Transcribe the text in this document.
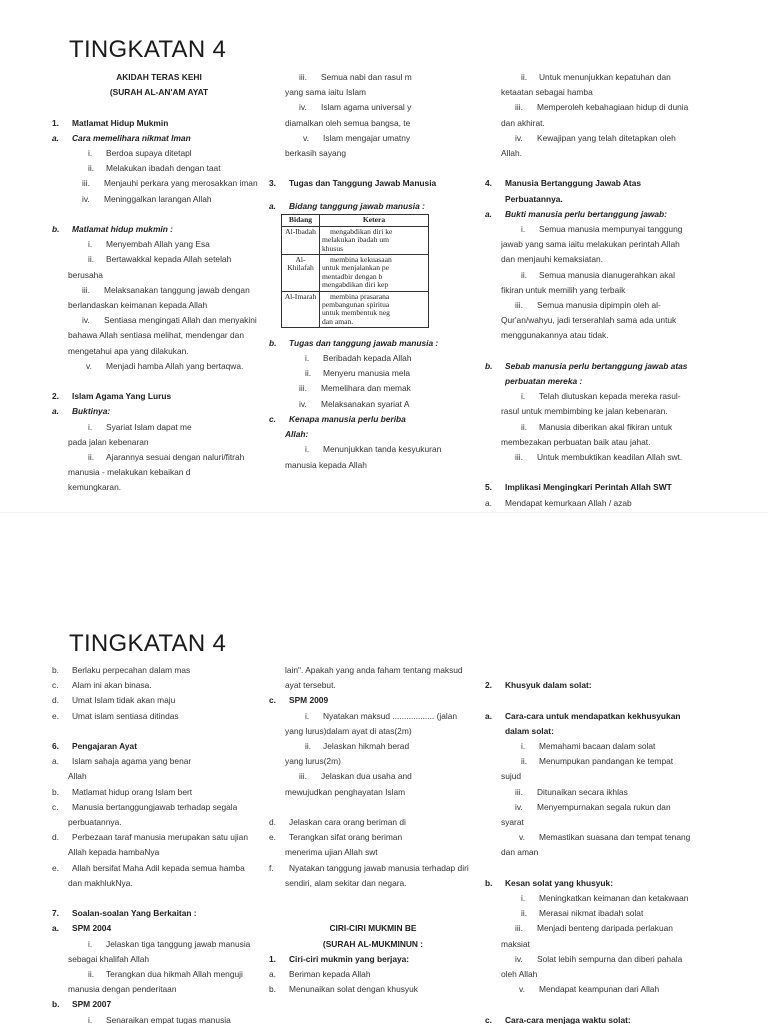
TINGKATAN 4
AKIDAH TERAS KEHI
(SURAH AL-AN'AM AYAT
1. Matlamat Hidup Mukmin
a. Cara memelihara nikmat Iman
i. Berdoa supaya ditetapl
ii. Melakukan ibadah dengan taat
iii. Menjauhi perkara yang merosakkan iman
iv. Meninggalkan larangan Allah
b. Matlamat hidup mukmin :
i. Menyembah Allah yang Esa
ii. Bertawakkal kepada Allah setelah
berusaha
iii. Melaksanakan tanggung jawab dengan
berlandaskan keimanan kepada Allah
iv. Sentiasa mengingati Allah dan menyakini
bahawa Allah sentiasa melihat, mendengar dan
mengetahui apa yang dilakukan.
v. Menjadi hamba Allah yang bertaqwa.
2. Islam Agama Yang Lurus
a. Buktinya:
i. Syariat Islam dapat me
pada jalan kebenaran
ii. Ajarannya sesuai dengan naluri/fitrah
manusia - melakukan kebaikan d
kemungkaran.
iii. Semua nabi dan rasul m
yang sama iaitu Islam
iv. Islam agama universal y
diamalkan oleh semua bangsa, te
v. Islam mengajar umatny
berkasih sayang
3. Tugas dan Tanggung Jawab Manusia
a. Bidang tanggung jawab manusia :
Bidang	Ketera
Al-Ibadah	mengabdikan diri ke
melakukan ibadah um
khusus

Al-Khilafah	membina kekuasaan
untuk menjalankan pe
mentadbir dengan b
mengabdikan diri kep

Al-Imarah	membina prasarana
pembangunan spiritua
untuk membentuk neg
dan aman.
b. Tugas dan tanggung jawab manusia :
i. Beribadah kepada Allah
ii. Menyeru manusia mela
iii. Memelihara dan memak
iv. Melaksanakan syariat A
c. Kenapa manusia perlu beriba
Allah:
i. Menunjukkan tanda kesyukuran
manusia kepada Allah
ii. Untuk menunjukkan kepatuhan dan
ketaatan sebagai hamba
iii. Memperoleh kebahagiaan hidup di dunia
dan akhirat.
iv. Kewajipan yang telah ditetapkan oleh
Allah.
4. Manusia Bertanggung Jawab Atas
Perbuatannya.
a. Bukti manusia perlu bertanggung jawab:
i. Semua manusia mempunyai tanggung
jawab yang sama iaitu melakukan perintah Allah
dan menjauhi kemaksiatan.
ii. Semua manusia dianugerahkan akal
fikiran untuk memilih yang terbaik
iii. Semua manusia dipimpin oleh al-
Qur'an/wahyu, jadi terserahlah sama ada untuk
menggunakannya atau tidak.
b. Sebab manusia perlu bertanggung jawab atas
perbuatan mereka :
i. Telah diutuskan kepada mereka rasul-
rasul untuk membimbing ke jalan kebenaran.
ii. Manusia diberikan akal fikiran untuk
membezakan perbuatan baik atau jahat.
iii. Untuk membuktikan keadilan Allah swt.
5. Implikasi Mengingkari Perintah Allah SWT
a. Mendapat kemurkaan Allah / azab
TINGKATAN 4
b. Berlaku perpecahan dalam mas
c. Alam ini akan binasa.
d. Umat Islam tidak akan maju
e. Umat islam sentiasa ditindas
6. Pengajaran Ayat
a. Islam sahaja agama yang benar
Allah
b. Matlamat hidup orang Islam bert
c. Manusia bertanggungjawab terhadap segala
perbuatannya.
d. Perbezaan taraf manusia merupakan satu ujian
Allah kepada hambaNya
e. Allah bersifat Maha Adil kepada semua hamba
dan makhlukNya.
7. Soalan-soalan Yang Berkaitan :
a. SPM 2004
i. Jelaskan tiga tanggung jawab manusia
sebagai khalifah Allah
ii. Terangkan dua hikmah Allah menguji
manusia dengan penderitaan
b. SPM 2007
i. Senaraikan empat tugas manusia
lain". Apakah yang anda faham tentang maksud
ayat tersebut.
c. SPM 2009
i. Nyatakan maksud .................. (jalan
yang lurus)dalam ayat di atas(2m)
ii. Jelaskan hikmah berad
yang lurus(2m)
iii. Jelaskan dua usaha and
mewujudkan penghayatan Islam
d. Jelaskan cara orang beriman di
e. Terangkan sifat orang beriman
menerima ujian Allah swt
f. Nyatakan tanggung jawab manusia terhadap diri
sendiri, alam sekitar dan negara.
CIRI-CIRI MUKMIN BE
(SURAH AL-MUKMINUN :
1. Ciri-ciri mukmin yang berjaya:
a. Beriman kepada Allah
b. Menunaikan solat dengan khusyuk
2. Khusyuk dalam solat:
a. Cara-cara untuk mendapatkan kekhusyukan
dalam solat:
i. Memahami bacaan dalam solat
ii. Menumpukan pandangan ke tempat
sujud
iii. Ditunaikan secara ikhlas
iv. Menyempurnakan segala rukun dan
syarat
v. Memastikan suasana dan tempat tenang
dan aman
b. Kesan solat yang khusyuk:
i. Meningkatkan keimanan dan ketakwaan
ii. Merasai nikmat ibadah solat
iii. Menjadi benteng daripada perlakuan
maksiat
iv. Solat lebih sempurna dan diberi pahala
oleh Allah
v. Mendapat keampunan dari Allah
c. Cara-cara menjaga waktu solat:
